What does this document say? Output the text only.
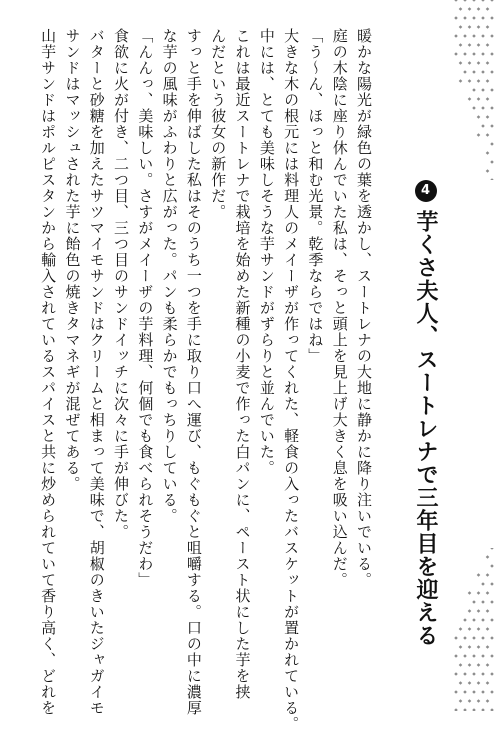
4芋くさ夫人、スートレナで三年目を迎える
暖かな陽光が緑色の葉を透かし、スートレナの大地に静かに降り注いでいる。
庭の木陰に座り休んでいた私は、そっと頭上を見上げ大きく息を吸い込んだ。
「う〜ん、ほっと和む光景。乾季ならではね」
大きな木の根元には料理人のメイーザが作ってくれた、軽食の入ったバスケットが置かれている。
中には、とても美味しそうな芋サンドがずらりと並んでいた。
これは最近スートレナで栽培を始めた新種の小麦で作った白パンに、ペースト状にした芋を挟
んだという彼女の新作だ。
すっと手を伸ばした私はそのうち一つを手に取り口へ運び、もぐもぐと咀嚼する。口の中に濃厚
な芋の風味がふわりと広がった。パンも柔らかでもっちりしている。
「んんっ、美味しい。さすがメイーザの芋料理、何個でも食べられそうだわ」
食欲に火が付き、二つ目、三つ目のサンドイッチに次々に手が伸びた。
バターと砂糖を加えたサツマイモサンドはクリームと相まって美味で、胡椒のきいたジャガイモ
サンドはマッシュされた芋に飴色の焼きタマネギが混ぜてある。
山芋サンドはポルピスタンから輸入されているスパイスと共に炒められていて香り高く、どれを
